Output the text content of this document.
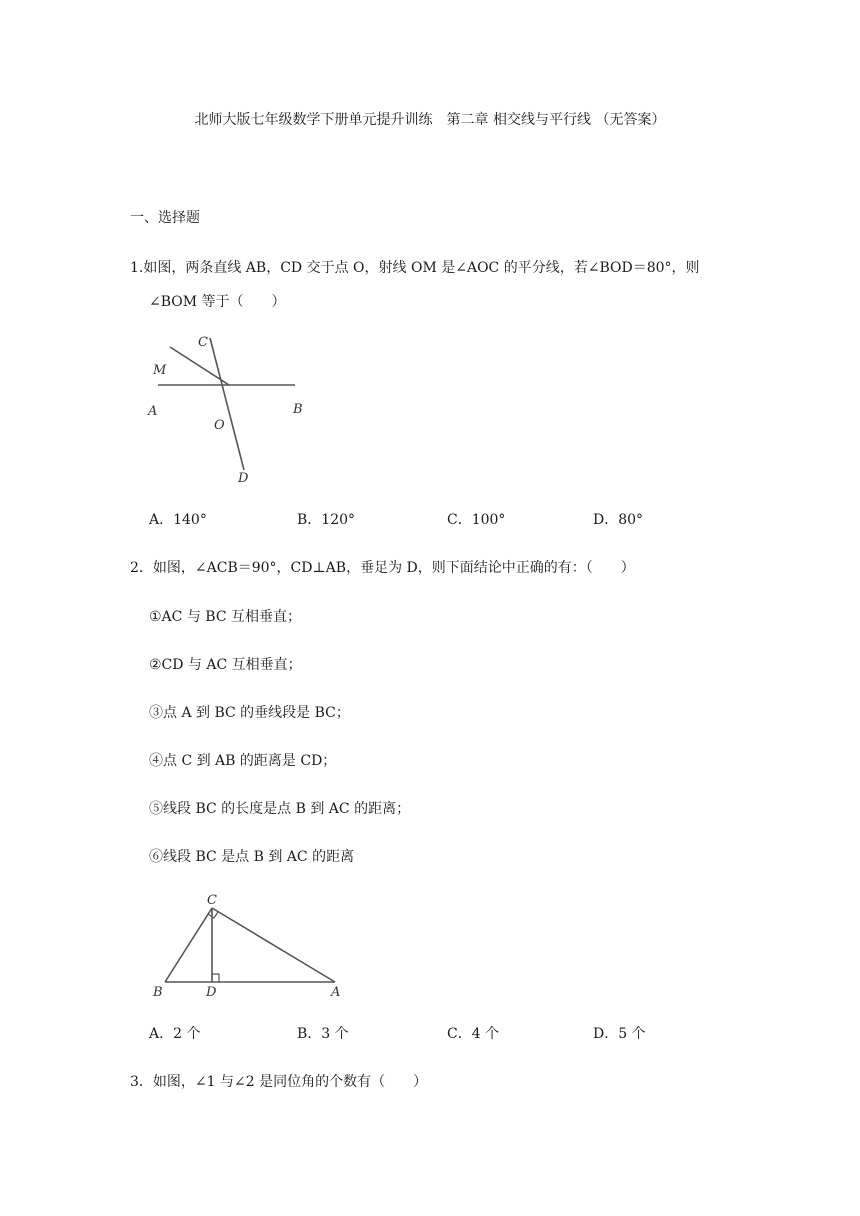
北师大版七年级数学下册单元提升训练　第二章 相交线与平行线 （无答案）
一、选择题
1.如图，两条直线 AB，CD 交于点 O，射线 OM 是∠AOC 的平分线，若∠BOD＝80°，则
∠BOM 等于（　　）
C
M
A	B
O
D
A．140°	B．120°	C．100°	D．80°
2．如图，∠ACB＝90°，CD⊥AB，垂足为 D，则下面结论中正确的有：（　　）
①AC 与 BC 互相垂直；
②CD 与 AC 互相垂直；
③点 A 到 BC 的垂线段是 BC；
④点 C 到 AB 的距离是 CD；
⑤线段 BC 的长度是点 B 到 AC 的距离；
⑥线段 BC 是点 B 到 AC 的距离
C
B	D	A
A．2 个	B．3 个	C．4 个	D．5 个
3．如图，∠1 与∠2 是同位角的个数有（　　）
